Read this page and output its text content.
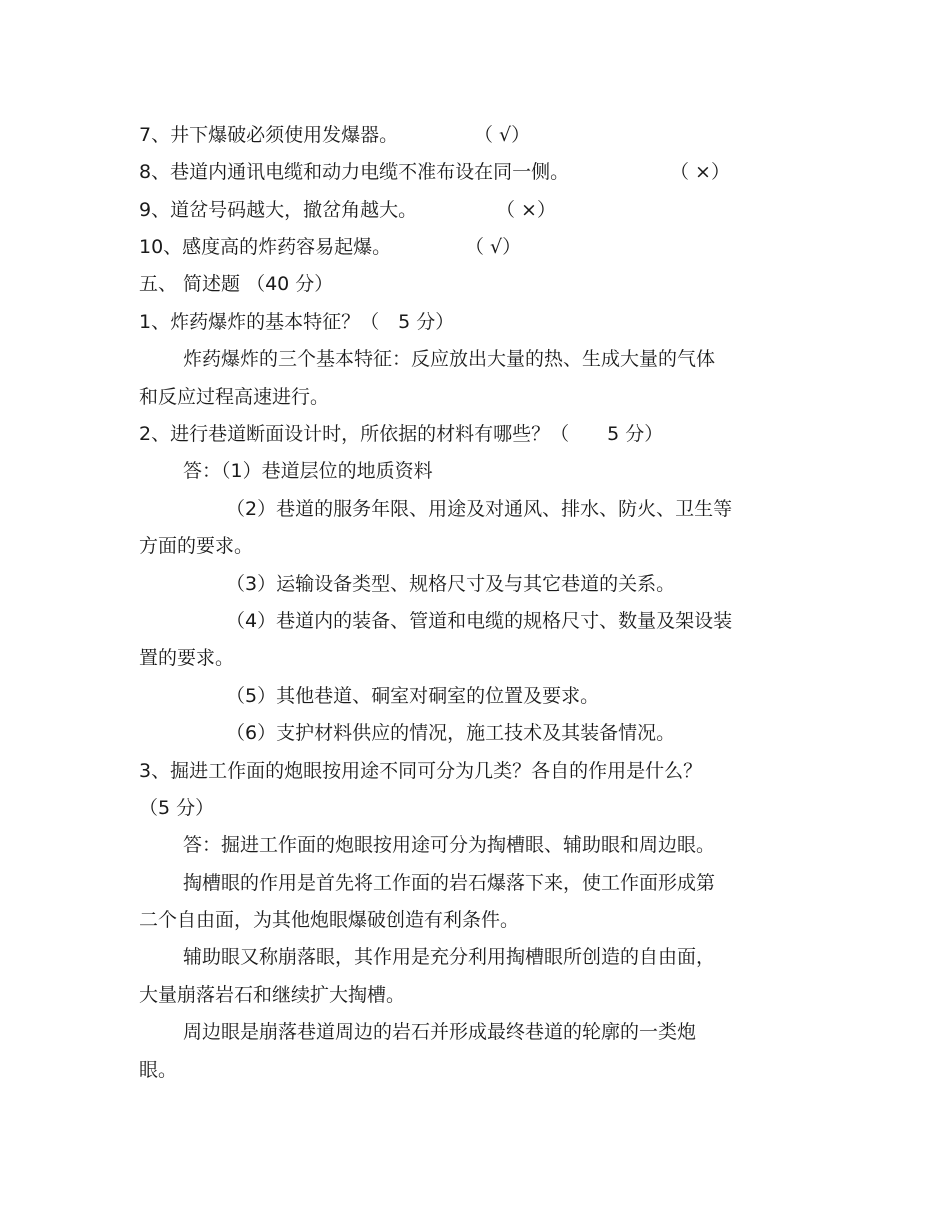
7、井下爆破必须使用发爆器。	（ √）
8、巷道内通讯电缆和动力电缆不准布设在同一侧。	（ ×）
9、道岔号码越大，撤岔角越大。	（ ×）
10、感度高的炸药容易起爆。	（ √）
五、 简述题 （40 分）
1、炸药爆炸的基本特征？（　5 分）
炸药爆炸的三个基本特征：反应放出大量的热、生成大量的气体
和反应过程高速进行。
2、进行巷道断面设计时，所依据的材料有哪些？（　　5 分）
答：（1）巷道层位的地质资料
（2）巷道的服务年限、用途及对通风、排水、防火、卫生等
方面的要求。
（3）运输设备类型、规格尺寸及与其它巷道的关系。
（4）巷道内的装备、管道和电缆的规格尺寸、数量及架设装
置的要求。
（5）其他巷道、硐室对硐室的位置及要求。
（6）支护材料供应的情况，施工技术及其装备情况。
3、掘进工作面的炮眼按用途不同可分为几类？各自的作用是什么？
（5 分）
答：掘进工作面的炮眼按用途可分为掏槽眼、辅助眼和周边眼。
掏槽眼的作用是首先将工作面的岩石爆落下来，使工作面形成第
二个自由面，为其他炮眼爆破创造有利条件。
辅助眼又称崩落眼，其作用是充分利用掏槽眼所创造的自由面，
大量崩落岩石和继续扩大掏槽。
周边眼是崩落巷道周边的岩石并形成最终巷道的轮廓的一类炮
眼。
